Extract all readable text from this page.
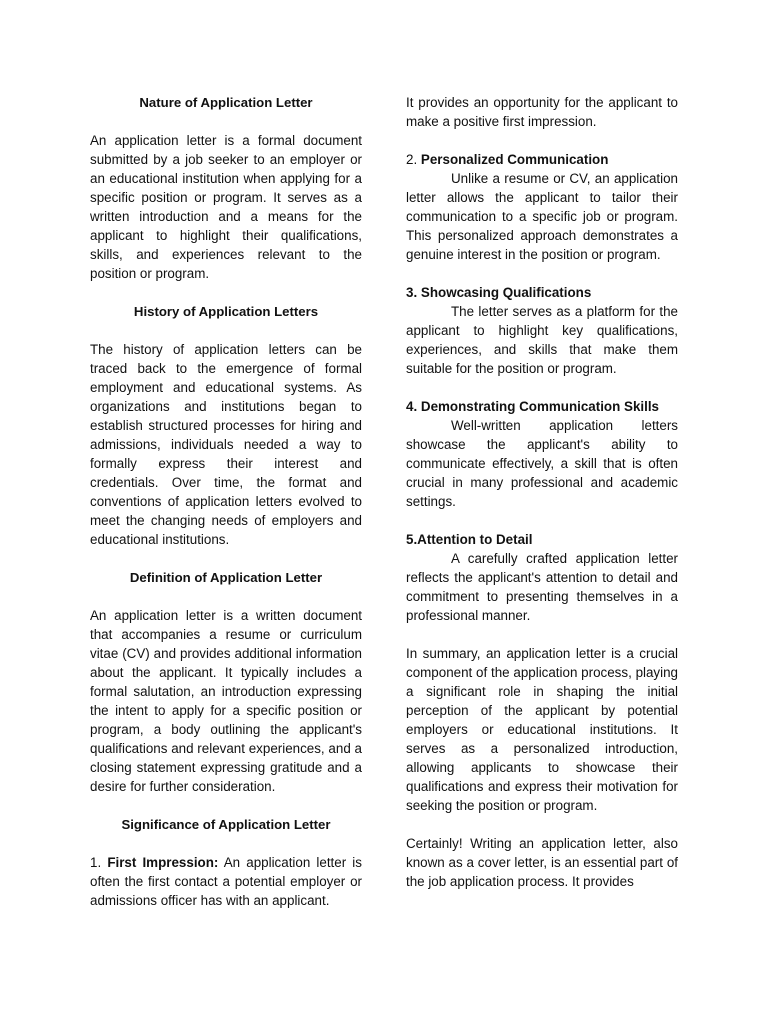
Nature of Application Letter

An application letter is a formal document submitted by a job seeker to an employer or an educational institution when applying for a specific position or program. It serves as a written introduction and a means for the applicant to highlight their qualifications, skills, and experiences relevant to the position or program.

History of Application Letters

The history of application letters can be traced back to the emergence of formal employment and educational systems. As organizations and institutions began to establish structured processes for hiring and admissions, individuals needed a way to formally express their interest and credentials. Over time, the format and conventions of application letters evolved to meet the changing needs of employers and educational institutions.

Definition of Application Letter

An application letter is a written document that accompanies a resume or curriculum vitae (CV) and provides additional information about the applicant. It typically includes a formal salutation, an introduction expressing the intent to apply for a specific position or program, a body outlining the applicant's qualifications and relevant experiences, and a closing statement expressing gratitude and a desire for further consideration.

Significance of Application Letter

1. First Impression: An application letter is often the first contact a potential employer or admissions officer has with an applicant.

It provides an opportunity for the applicant to make a positive first impression.

2. Personalized Communication

Unlike a resume or CV, an application letter allows the applicant to tailor their communication to a specific job or program. This personalized approach demonstrates a genuine interest in the position or program.

3. Showcasing Qualifications

The letter serves as a platform for the applicant to highlight key qualifications, experiences, and skills that make them suitable for the position or program.

4. Demonstrating Communication Skills

Well-written application letters showcase the applicant's ability to communicate effectively, a skill that is often crucial in many professional and academic settings.

5.Attention to Detail

A carefully crafted application letter reflects the applicant's attention to detail and commitment to presenting themselves in a professional manner.

In summary, an application letter is a crucial component of the application process, playing a significant role in shaping the initial perception of the applicant by potential employers or educational institutions. It serves as a personalized introduction, allowing applicants to showcase their qualifications and express their motivation for seeking the position or program.

Certainly! Writing an application letter, also known as a cover letter, is an essential part of the job application process. It provides
